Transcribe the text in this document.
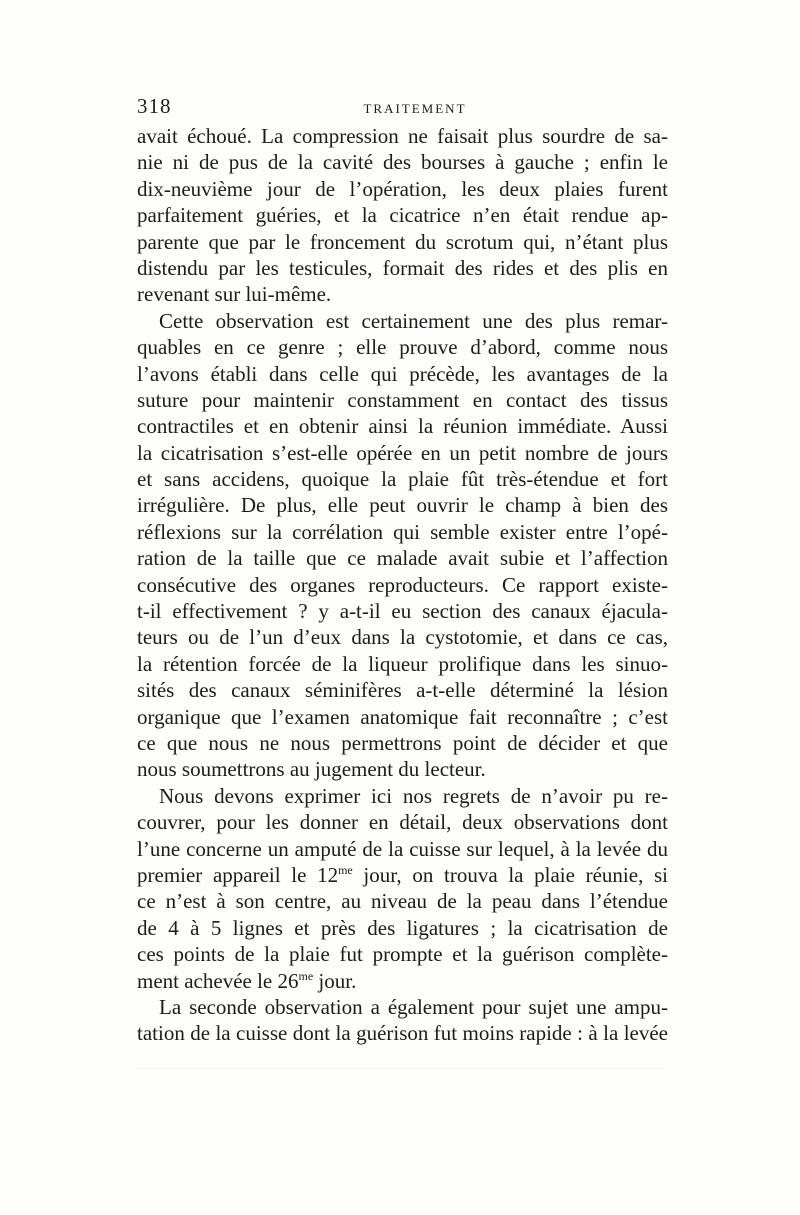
318	TRAITEMENT
avait échoué. La compression ne faisait plus sourdre de sa-
nie ni de pus de la cavité des bourses à gauche ; enfin le
dix-neuvième jour de l’opération, les deux plaies furent
parfaitement guéries, et la cicatrice n’en était rendue ap-
parente que par le froncement du scrotum qui, n’étant plus
distendu par les testicules, formait des rides et des plis en
revenant sur lui-même.
Cette observation est certainement une des plus remar-
quables en ce genre ; elle prouve d’abord, comme nous
l’avons établi dans celle qui précède, les avantages de la
suture pour maintenir constamment en contact des tissus
contractiles et en obtenir ainsi la réunion immédiate. Aussi
la cicatrisation s’est-elle opérée en un petit nombre de jours
et sans accidens, quoique la plaie fût très-étendue et fort
irrégulière. De plus, elle peut ouvrir le champ à bien des
réflexions sur la corrélation qui semble exister entre l’opé-
ration de la taille que ce malade avait subie et l’affection
consécutive des organes reproducteurs. Ce rapport existe-
t-il effectivement ? y a-t-il eu section des canaux éjacula-
teurs ou de l’un d’eux dans la cystotomie, et dans ce cas,
la rétention forcée de la liqueur prolifique dans les sinuo-
sités des canaux séminifères a-t-elle déterminé la lésion
organique que l’examen anatomique fait reconnaître ; c’est
ce que nous ne nous permettrons point de décider et que
nous soumettrons au jugement du lecteur.
Nous devons exprimer ici nos regrets de n’avoir pu re-
couvrer, pour les donner en détail, deux observations dont
l’une concerne un amputé de la cuisse sur lequel, à la levée du
premier appareil le $12^{me}$ jour, on trouva la plaie réunie, si
ce n’est à son centre, au niveau de la peau dans l’étendue
de 4 à 5 lignes et près des ligatures ; la cicatrisation de
ces points de la plaie fut prompte et la guérison complète-
ment achevée le $26^{me}$ jour.
La seconde observation a également pour sujet une ampu-
tation de la cuisse dont la guérison fut moins rapide : à la levée
